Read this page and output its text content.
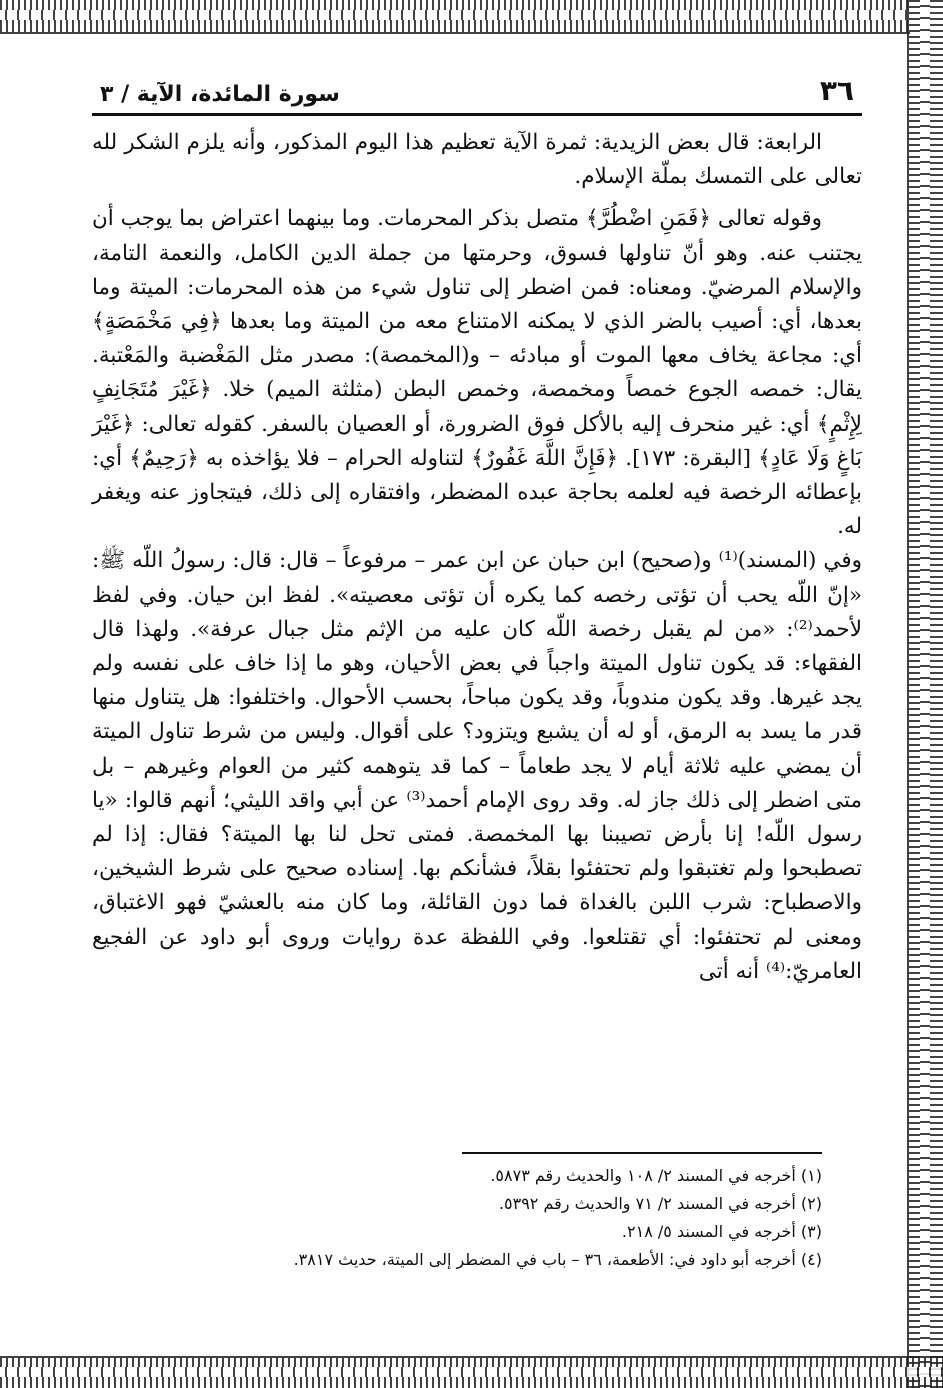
٣٦
سورة المائدة، الآية / ٣

الرابعة: قال بعض الزيدية: ثمرة الآية تعظيم هذا اليوم المذكور، وأنه يلزم الشكر لله تعالى على التمسك بملّة الإسلام.

وقوله تعالى ﴿فَمَنِ اضْطُرَّ﴾ متصل بذكر المحرمات. وما بينهما اعتراض بما يوجب أن يجتنب عنه. وهو أنّ تناولها فسوق، وحرمتها من جملة الدين الكامل، والنعمة التامة، والإسلام المرضيّ. ومعناه: فمن اضطر إلى تناول شيء من هذه المحرمات: الميتة وما بعدها، أي: أصيب بالضر الذي لا يمكنه الامتناع معه من الميتة وما بعدها ﴿فِي مَخْمَصَةٍ﴾ أي: مجاعة يخاف معها الموت أو مبادئه – و(المخمصة): مصدر مثل المَغْضبة والمَعْتبة. يقال: خمصه الجوع خمصاً ومخمصة، وخمص البطن (مثلثة الميم) خلا. ﴿غَيْرَ مُتَجَانِفٍ لِإِثْمٍ﴾ أي: غير منحرف إليه بالأكل فوق الضرورة، أو العصيان بالسفر. كقوله تعالى: ﴿غَيْرَ بَاغٍ وَلَا عَادٍ﴾ [البقرة: ١٧٣]. ﴿فَإِنَّ اللَّهَ غَفُورٌ﴾ لتناوله الحرام – فلا يؤاخذه به ﴿رَحِيمٌ﴾ أي: بإعطائه الرخصة فيه لعلمه بحاجة عبده المضطر، وافتقاره إلى ذلك، فيتجاوز عنه ويغفر له.

وفي (المسند)⁽¹⁾ و(صحيح) ابن حبان عن ابن عمر – مرفوعاً – قال: قال: رسولُ اللّه ﷺ: «إنّ اللّه يحب أن تؤتى رخصه كما يكره أن تؤتى معصيته». لفظ ابن حيان. وفي لفظ لأحمد⁽²⁾: «من لم يقبل رخصة اللّه كان عليه من الإثم مثل جبال عرفة». ولهذا قال الفقهاء: قد يكون تناول الميتة واجباً في بعض الأحيان، وهو ما إذا خاف على نفسه ولم يجد غيرها. وقد يكون مندوباً، وقد يكون مباحاً، بحسب الأحوال. واختلفوا: هل يتناول منها قدر ما يسد به الرمق، أو له أن يشبع ويتزود؟ على أقوال. وليس من شرط تناول الميتة أن يمضي عليه ثلاثة أيام لا يجد طعاماً – كما قد يتوهمه كثير من العوام وغيرهم – بل متى اضطر إلى ذلك جاز له. وقد روى الإمام أحمد⁽³⁾ عن أبي واقد الليثي؛ أنهم قالوا: «يا رسول اللّه! إنا بأرض تصيبنا بها المخمصة. فمتى تحل لنا بها الميتة؟ فقال: إذا لم تصطبحوا ولم تغتبقوا ولم تحتفئوا بقلاً، فشأنكم بها. إسناده صحيح على شرط الشيخين، والاصطباح: شرب اللبن بالغداة فما دون القائلة، وما كان منه بالعشيّ فهو الاغتباق، ومعنى لم تحتفئوا: أي تقتلعوا. وفي اللفظة عدة روايات وروى أبو داود عن الفجيع العامريّ:⁽⁴⁾ أنه أتى

(١) أخرجه في المسند ٢/ ١٠٨ والحديث رقم ٥٨٧٣.
(٢) أخرجه في المسند ٢/ ٧١ والحديث رقم ٥٣٩٢.
(٣) أخرجه في المسند ٥/ ٢١٨.
(٤) أخرجه أبو داود في: الأطعمة، ٣٦ – باب في المضطر إلى الميتة، حديث ٣٨١٧.
